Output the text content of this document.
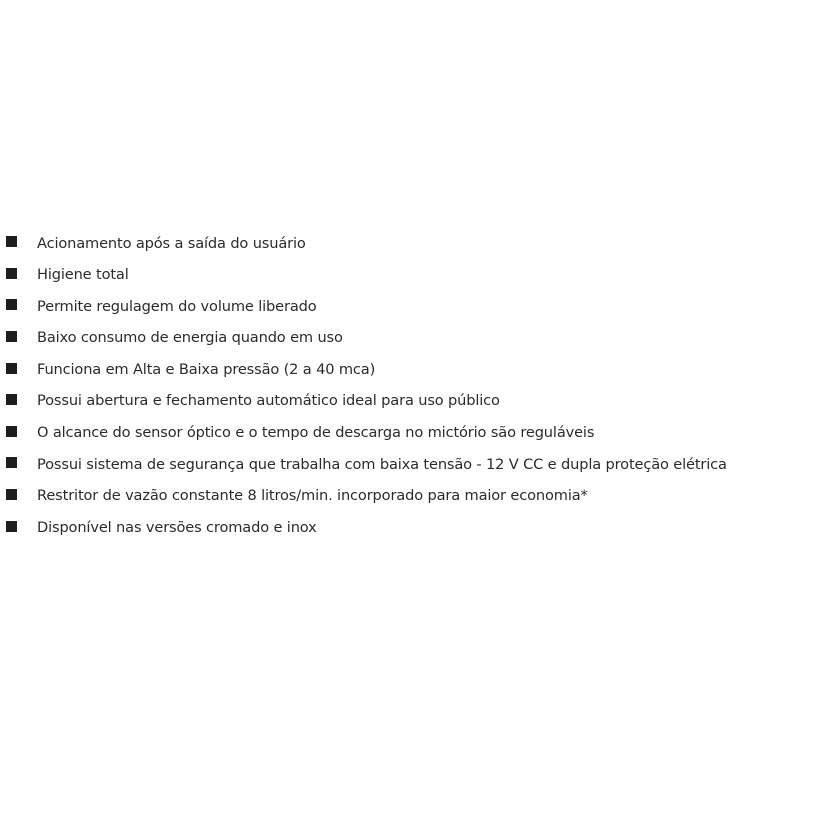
Acionamento após a saída do usuário
Higiene total
Permite regulagem do volume liberado
Baixo consumo de energia quando em uso
Funciona em Alta e Baixa pressão (2 a 40 mca)
Possui abertura e fechamento automático ideal para uso público
O alcance do sensor óptico e o tempo de descarga no mictório são reguláveis
Possui sistema de segurança que trabalha com baixa tensão - 12 V CC e dupla proteção elétrica
Restritor de vazão constante 8 litros/min. incorporado para maior economia*
Disponível nas versões cromado e inox
